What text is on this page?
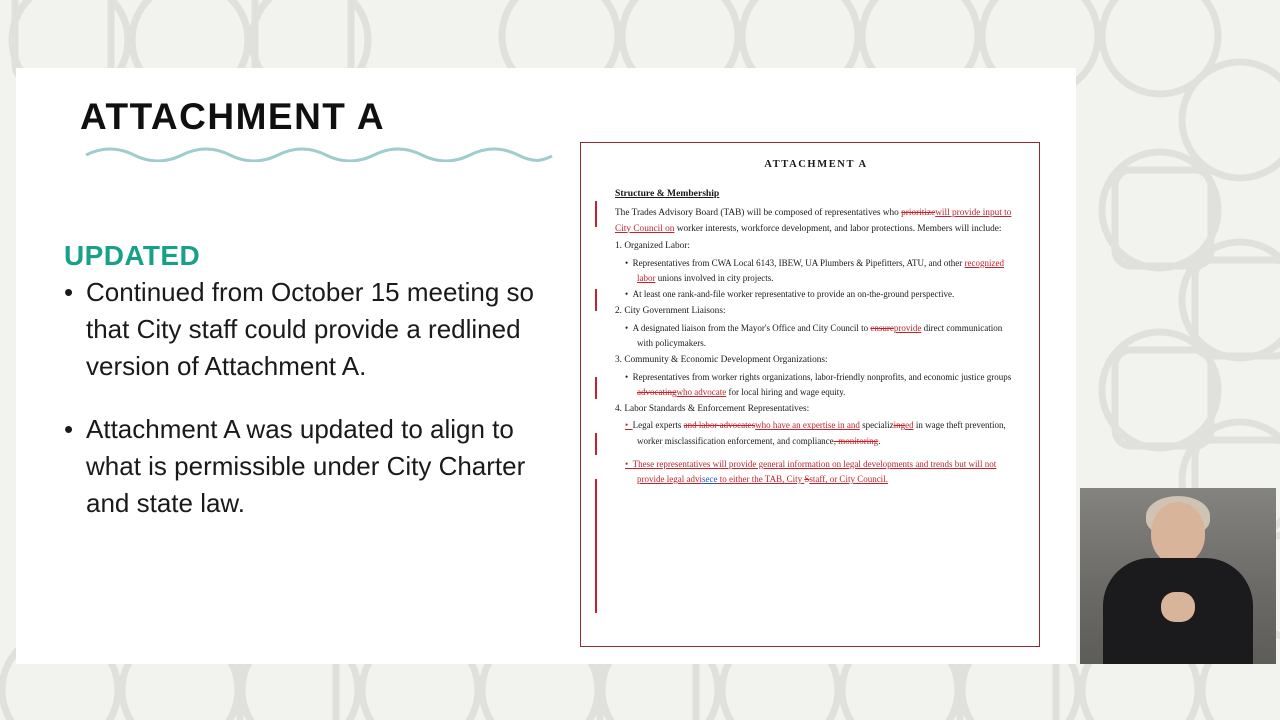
ATTACHMENT A
UPDATED
• Continued from October 15 meeting so that City staff could provide a redlined version of Attachment A.
• Attachment A was updated to align to what is permissible under City Charter and state law.
ATTACHMENT A
Structure & Membership

The Trades Advisory Board (TAB) will be composed of representatives who prioritizewill provide input to City Council on worker interests, workforce development, and labor protections. Members will include:

1. Organized Labor:

•  Representatives from CWA Local 6143, IBEW, UA Plumbers & Pipefitters, ATU, and other recognized labor unions involved in city projects.

•  At least one rank-and-file worker representative to provide an on-the-ground perspective.

2. City Government Liaisons:

•  A designated liaison from the Mayor's Office and City Council to ensureprovide direct communication with policymakers.

3. Community & Economic Development Organizations:

•  Representatives from worker rights organizations, labor-friendly nonprofits, and economic justice groups advocatingwho advocate for local hiring and wage equity.

4. Labor Standards & Enforcement Representatives:

•  Legal experts and labor advocateswho have an expertise in and specializinged in wage theft prevention, worker misclassification enforcement, and compliance, monitoring.

•  These representatives will provide general information on legal developments and trends but will not provide legal advisece to either the TAB, City Sstaff, or City Council.
